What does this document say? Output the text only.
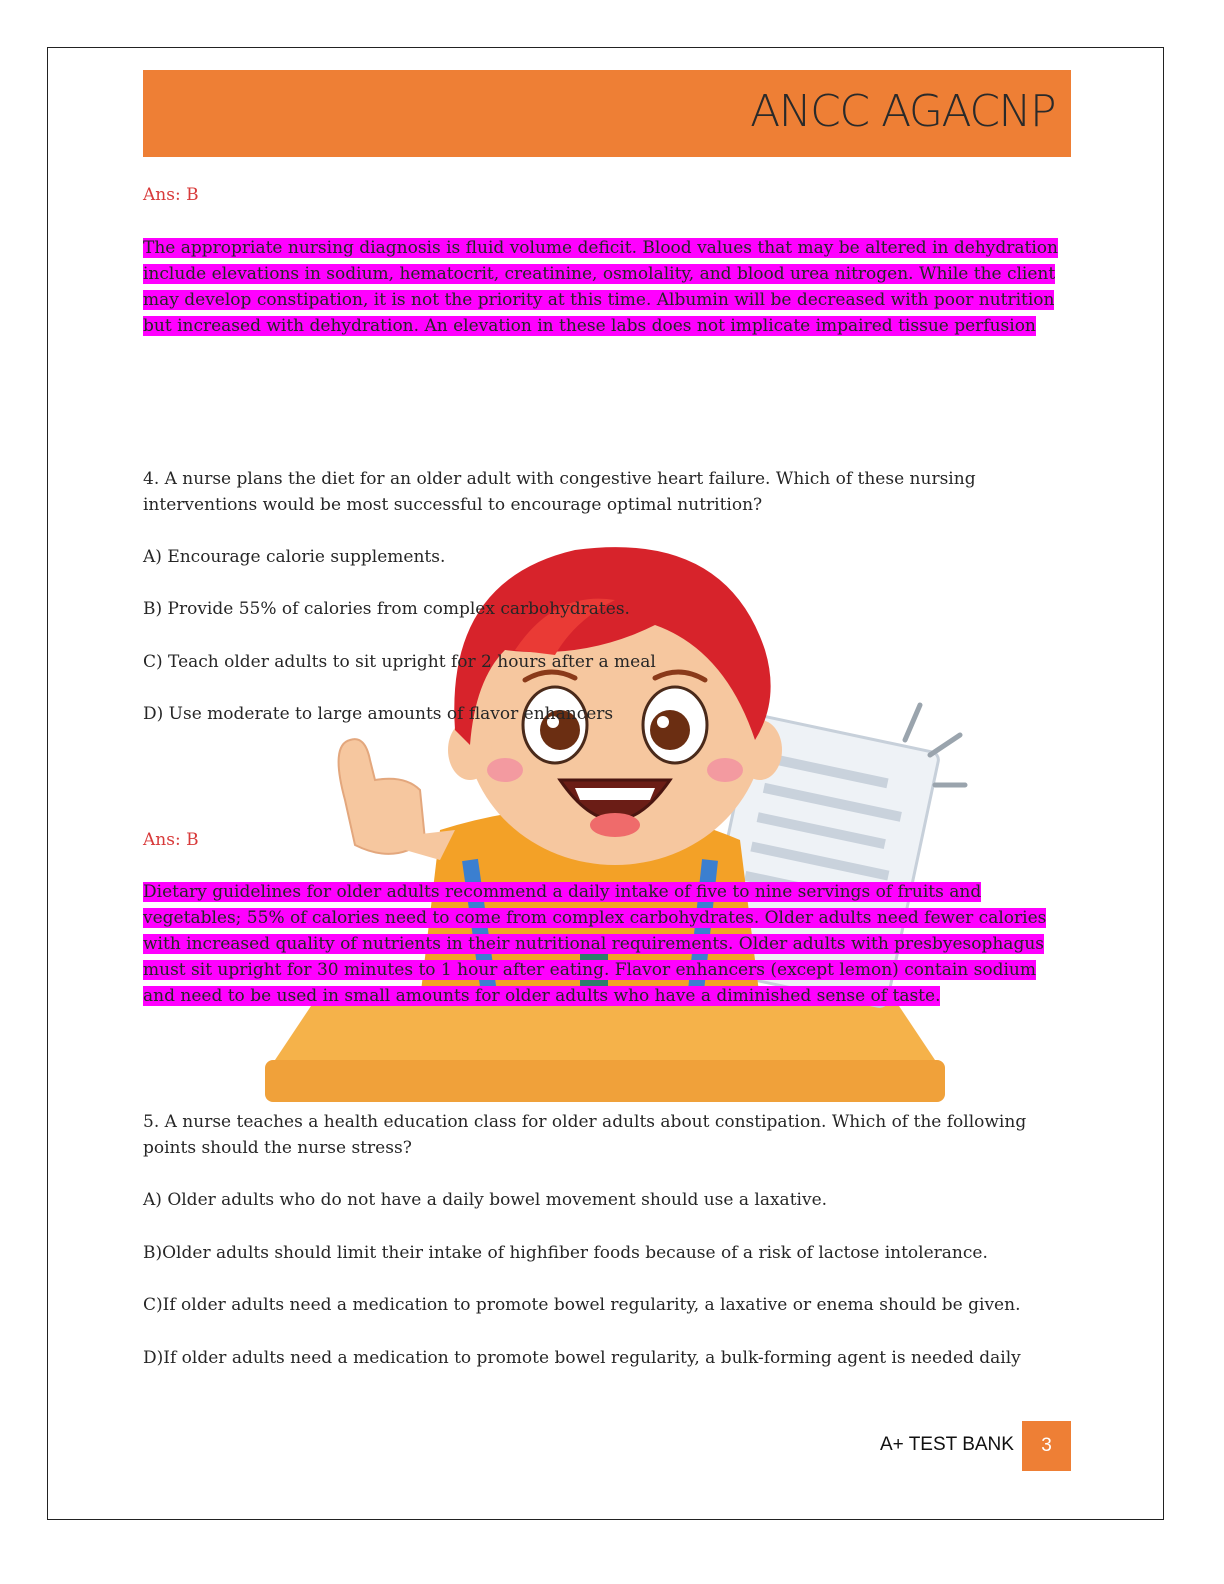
ANCC AGACNP

Ans: B

The appropriate nursing diagnosis is fluid volume deficit. Blood values that may be altered in dehydration include elevations in sodium, hematocrit, creatinine, osmolality, and blood urea nitrogen. While the client may develop constipation, it is not the priority at this time. Albumin will be decreased with poor nutrition but increased with dehydration. An elevation in these labs does not implicate impaired tissue perfusion

4. A nurse plans the diet for an older adult with congestive heart failure. Which of these nursing interventions would be most successful to encourage optimal nutrition?

A) Encourage calorie supplements.

B) Provide 55% of calories from complex carbohydrates.

C) Teach older adults to sit upright for 2 hours after a meal

D) Use moderate to large amounts of flavor enhancers

Ans: B

Dietary guidelines for older adults recommend a daily intake of five to nine servings of fruits and vegetables; 55% of calories need to come from complex carbohydrates. Older adults need fewer calories with increased quality of nutrients in their nutritional requirements. Older adults with presbyesophagus must sit upright for 30 minutes to 1 hour after eating. Flavor enhancers (except lemon) contain sodium and need to be used in small amounts for older adults who have a diminished sense of taste.

5. A nurse teaches a health education class for older adults about constipation. Which of the following points should the nurse stress?

A) Older adults who do not have a daily bowel movement should use a laxative.

B)Older adults should limit their intake of highfiber foods because of a risk of lactose intolerance.

C)If older adults need a medication to promote bowel regularity, a laxative or enema should be given.

D)If older adults need a medication to promote bowel regularity, a bulk-forming agent is needed daily

A+ TEST BANK	3
